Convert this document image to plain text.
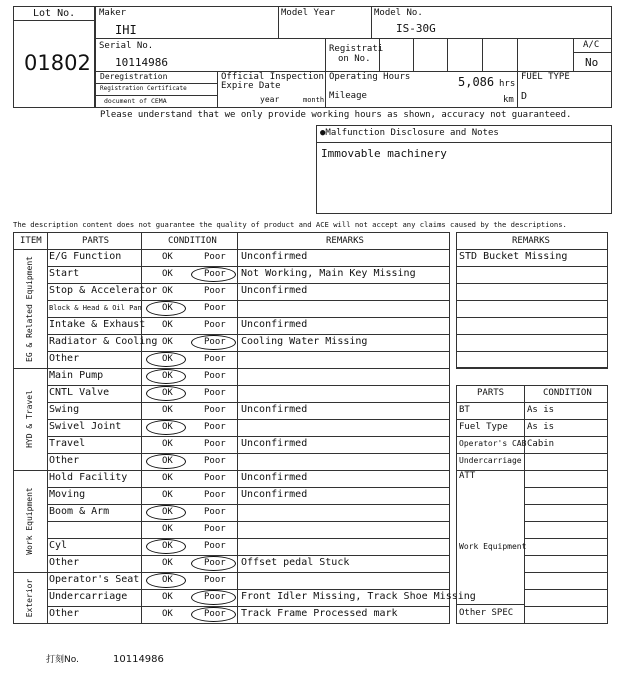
Lot No.
01802
Maker
IHI
Model Year	Model No.
IS-30G
Serial No.
10114986
Registrati
on No.
A/C
No
Deregistration
Registration Certificate
document of CEMA
Official Inspection
Expire Date
year	month
Operating Hours	5,086 hrs
Mileage	km
FUEL TYPE
D
Please understand that we only provide working hours as shown, accuracy not guaranteed.
●Malfunction Disclosure and Notes
Immovable machinery
The description content does not guarantee the quality of product and ACE will not accept any claims caused by the descriptions.
ITEM	PARTS	CONDITION	REMARKS
E/G Function	OK	Poor Unconfirmed
Start	OK	Poor Not Working, Main Key Missing
Stop & Accelerator OK	Poor Unconfirmed
Block & Head & Oil Pan OK	Poor
Intake & Exhaust OK	Poor Unconfirmed
Radiator & Cooling OK	Poor Cooling Water Missing
Other	OK	Poor
EG & Related Equipment
Main Pump	OK	Poor
CNTL Valve	OK	Poor
Swing	OK	Poor Unconfirmed
Swivel Joint	OK	Poor
Travel	OK	Poor Unconfirmed
Other	OK	Poor
HYD & Travel
Hold Facility	OK	Poor Unconfirmed
Moving	OK	Poor Unconfirmed
Boom & Arm	OK	Poor
OK	Poor
Cyl	OK	Poor
Other	OK	Poor Offset pedal Stuck
Work Equipment
Operator's Seat	OK	Poor
Undercarriage	OK	Poor Front Idler Missing, Track Shoe Missing
Other	OK	Poor Track Frame Processed mark
Exterior
REMARKS
STD Bucket Missing
PARTS	CONDITION
BT	As is
Fuel Type As is
Operator's CAB Cabin
Undercarriage
ATT
Work Equipment
Other SPEC
打刻No.	10114986
